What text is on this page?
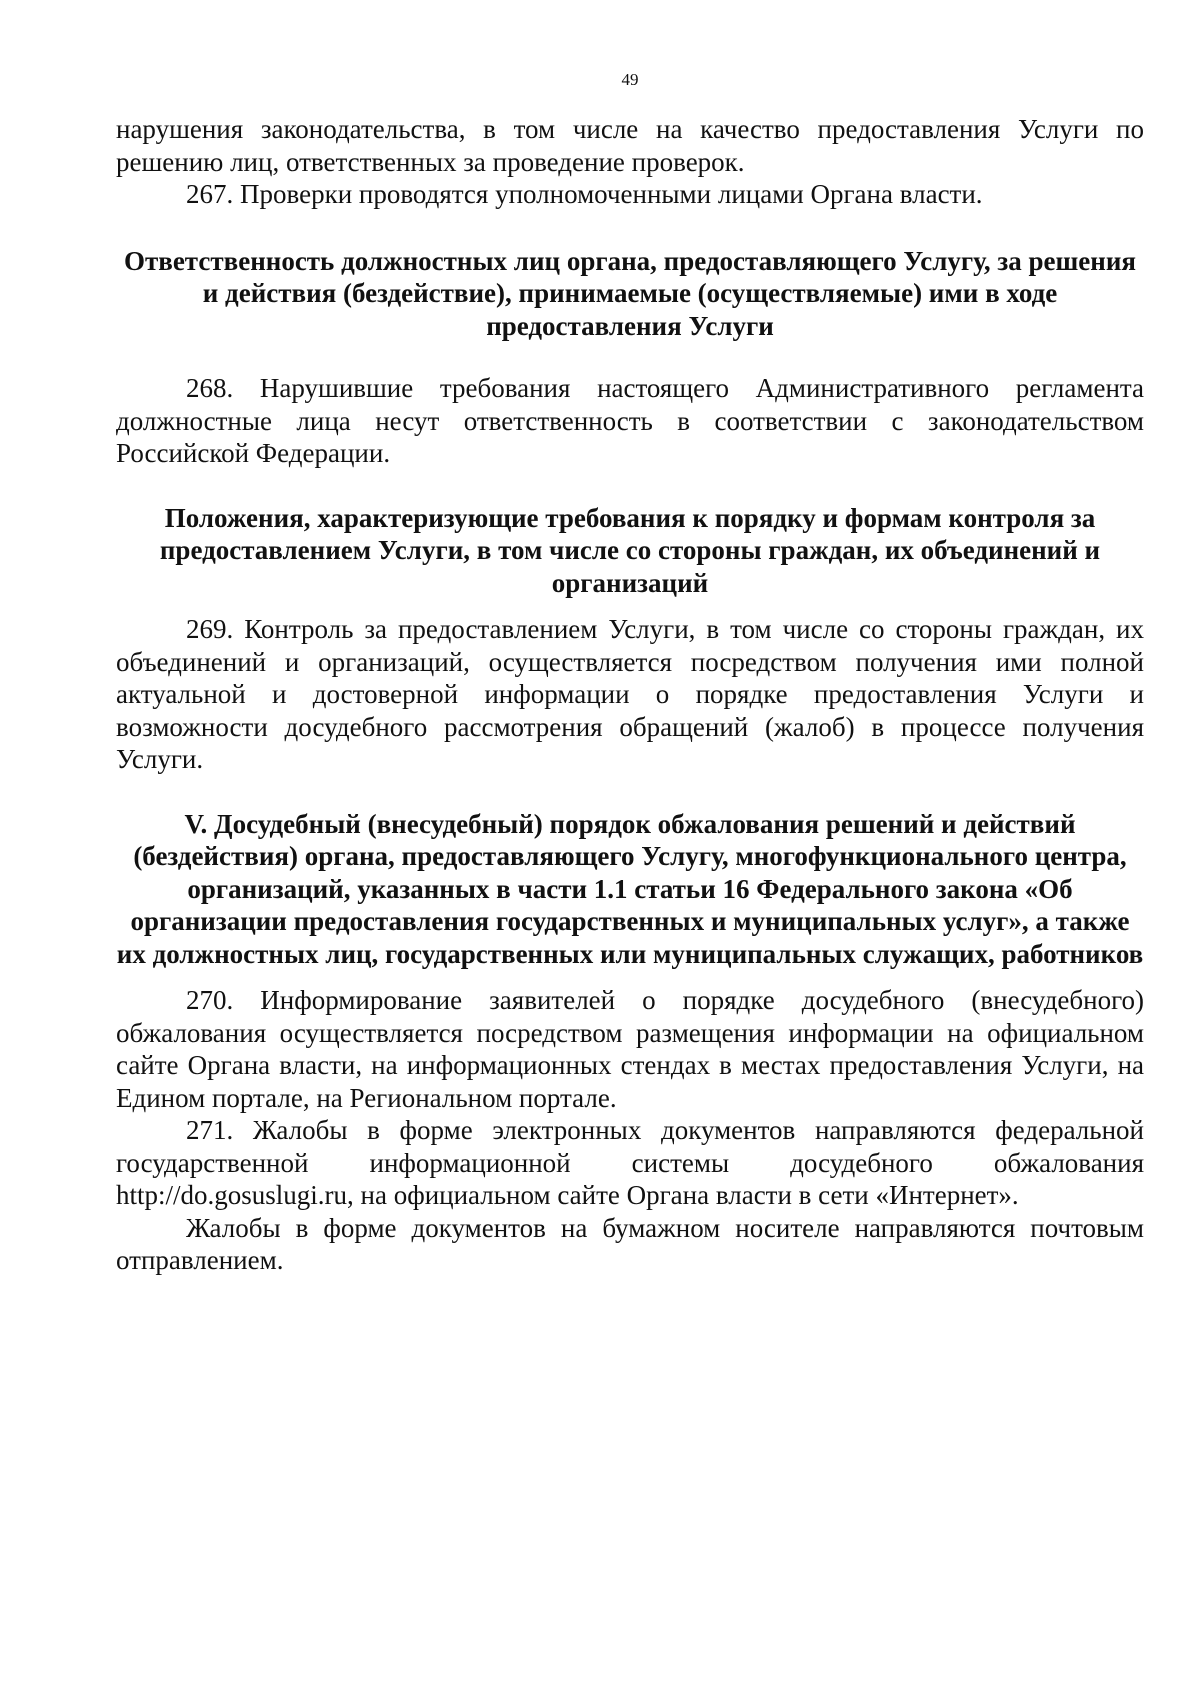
49

нарушения законодательства, в том числе на качество предоставления Услуги по решению лиц, ответственных за проведение проверок.

267. Проверки проводятся уполномоченными лицами Органа власти.

Ответственность должностных лиц органа, предоставляющего Услугу, за решения и действия (бездействие), принимаемые (осуществляемые) ими в ходе предоставления Услуги

268. Нарушившие требования настоящего Административного регламента должностные лица несут ответственность в соответствии с законодательством Российской Федерации.

Положения, характеризующие требования к порядку и формам контроля за предоставлением Услуги, в том числе со стороны граждан, их объединений и организаций

269. Контроль за предоставлением Услуги, в том числе со стороны граждан, их объединений и организаций, осуществляется посредством получения ими полной актуальной и достоверной информации о порядке предоставления Услуги и возможности досудебного рассмотрения обращений (жалоб) в процессе получения Услуги.

V. Досудебный (внесудебный) порядок обжалования решений и действий (бездействия) органа, предоставляющего Услугу, многофункционального центра, организаций, указанных в части 1.1 статьи 16 Федерального закона «Об организации предоставления государственных и муниципальных услуг», а также их должностных лиц, государственных или муниципальных служащих, работников

270. Информирование заявителей о порядке досудебного (внесудебного) обжалования осуществляется посредством размещения информации на официальном сайте Органа власти, на информационных стендах в местах предоставления Услуги, на Едином портале, на Региональном портале.

271. Жалобы в форме электронных документов направляются федеральной государственной информационной системы досудебного обжалования http://do.gosuslugi.ru, на официальном сайте Органа власти в сети «Интернет».

Жалобы в форме документов на бумажном носителе направляются почтовым отправлением.
